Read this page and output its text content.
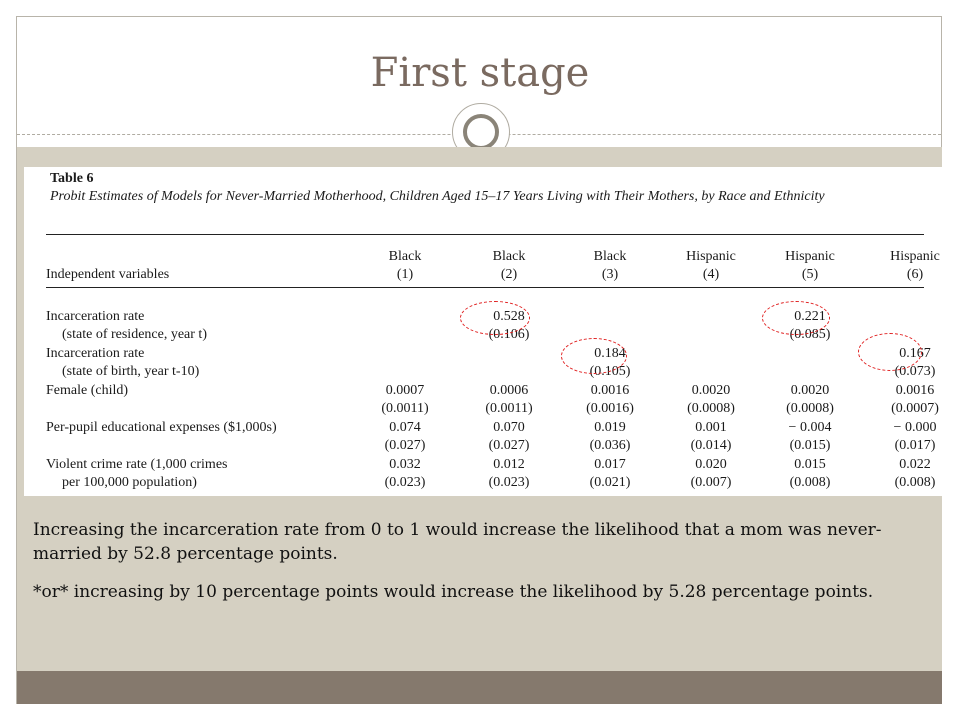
First stage
Table 6
Probit Estimates of Models for Never-Married Motherhood, Children Aged 15–17 Years Living with Their Mothers, by Race and Ethnicity
Independent variables
Black
(1)
Black
(2)
Black
(3)
Hispanic
(4)
Hispanic
(5)
Hispanic
(6)
Incarceration rate
(state of residence, year t)
0.528
(0.106)
0.221
(0.085)
Incarceration rate
(state of birth, year t-10)
0.184
(0.105)
0.167
(0.073)
Female (child)	0.0007
(0.0011)
0.0006
(0.0011)
0.0016
(0.0016)
0.0020
(0.0008)
0.0020
(0.0008)
0.0016
(0.0007)
Per-pupil educational expenses ($1,000s)	0.074
(0.027)
0.070
(0.027)
0.019
(0.036)
0.001
(0.014)
− 0.004
(0.015)
− 0.000
(0.017)
Violent crime rate (1,000 crimes
per 100,000 population)
0.032
(0.023)
0.012
(0.023)
0.017
(0.021)
0.020
(0.007)
0.015
(0.008)
0.022
(0.008)

Increasing the incarceration rate from 0 to 1 would increase the likelihood that a mom was never-married by 52.8 percentage points.

*or* increasing by 10 percentage points would increase the likelihood by 5.28 percentage points.
